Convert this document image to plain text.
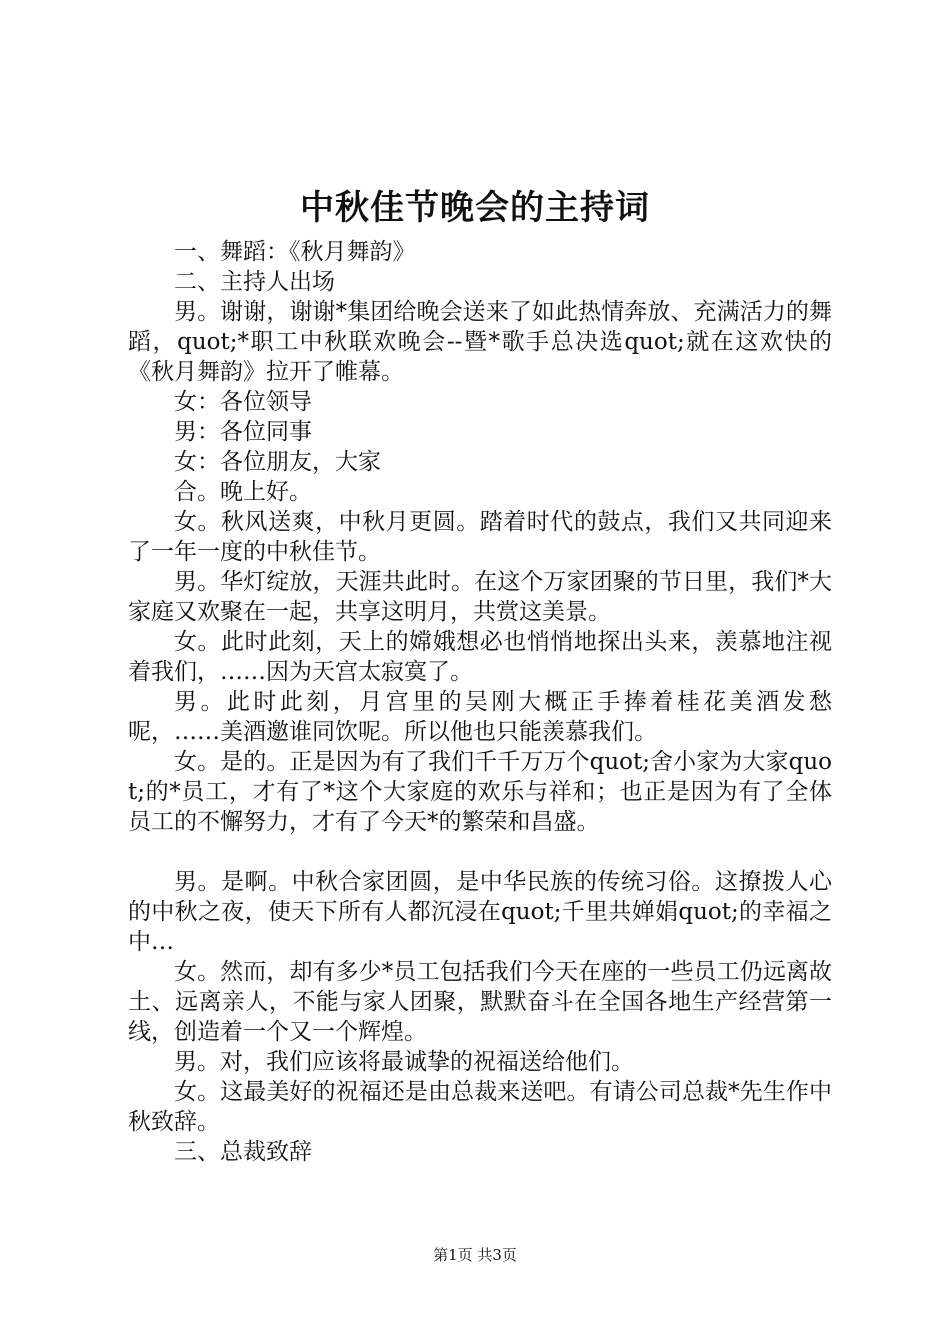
中秋佳节晚会的主持词

一、舞蹈：《秋月舞韵》

二、主持人出场

男。谢谢，谢谢*集团给晚会送来了如此热情奔放、充满活力的舞蹈，quot;*职工中秋联欢晚会--暨*歌手总决选quot;就在这欢快的《秋月舞韵》拉开了帷幕。

女：各位领导

男：各位同事

女：各位朋友，大家

合。晚上好。

女。秋风送爽，中秋月更圆。踏着时代的鼓点，我们又共同迎来了一年一度的中秋佳节。

男。华灯绽放，天涯共此时。在这个万家团聚的节日里，我们*大家庭又欢聚在一起，共享这明月，共赏这美景。

女。此时此刻，天上的嫦娥想必也悄悄地探出头来，羡慕地注视着我们，……因为天宫太寂寞了。

男。此时此刻，月宫里的吴刚大概正手捧着桂花美酒发愁呢，……美酒邀谁同饮呢。所以他也只能羡慕我们。

女。是的。正是因为有了我们千千万万个quot;舍小家为大家quot;的*员工，才有了*这个大家庭的欢乐与祥和；也正是因为有了全体员工的不懈努力，才有了今天*的繁荣和昌盛。

男。是啊。中秋合家团圆，是中华民族的传统习俗。这撩拨人心的中秋之夜，使天下所有人都沉浸在quot;千里共婵娟quot;的幸福之中…

女。然而，却有多少*员工包括我们今天在座的一些员工仍远离故土、远离亲人，不能与家人团聚，默默奋斗在全国各地生产经营第一线，创造着一个又一个辉煌。

男。对，我们应该将最诚挚的祝福送给他们。

女。这最美好的祝福还是由总裁来送吧。有请公司总裁*先生作中秋致辞。

三、总裁致辞

第1页 共3页
